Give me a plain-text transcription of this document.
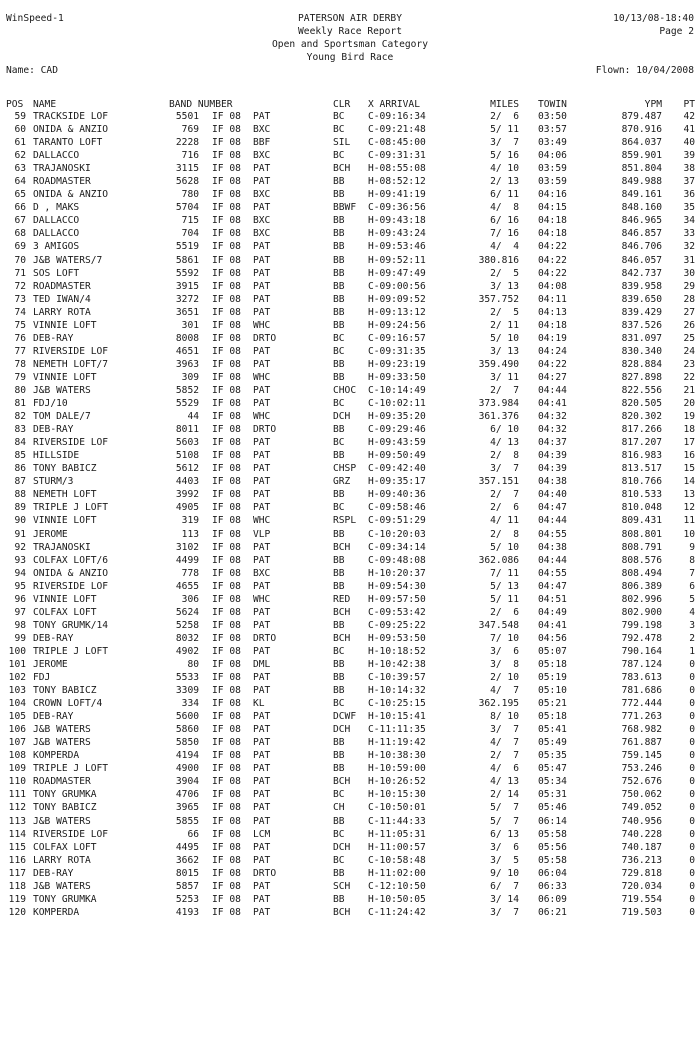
WinSpeed-1	PATERSON AIR DERBY
Weekly Race Report
Open and Sportsman Category
Young Bird Race
10/13/08-18:40
Page 2
Name: CAD	Flown: 10/04/2008
POS NAME	BAND NUMBER	CLR X ARRIVAL	MILES TOWIN	YPM	PT
59 TRACKSIDE LOF	5501 IF 08 PAT	BC C-09:16:34	2/  6 03:50	879.487	42
60 ONIDA & ANZIO	769 IF 08 BXC	BC C-09:21:48	5/ 11 03:57	870.916	41
61 TARANTO LOFT	2228 IF 08 BBF	SIL C-08:45:00	3/  7 03:49	864.037	40
62 DALLACCO	716 IF 08 BXC	BC C-09:31:31	5/ 16 04:06	859.901	39
63 TRAJANOSKI	3115 IF 08 PAT	BCH H-08:55:08	4/ 10 03:59	851.804	38
64 ROADMASTER	5628 IF 08 PAT	BB H-08:52:12	2/ 13 03:59	849.988	37
65 ONIDA & ANZIO	780 IF 08 BXC	BB H-09:41:19	6/ 11 04:16	849.161	36
66 D , MAKS	5704 IF 08 PAT	BBWF C-09:36:56	4/  8 04:15	848.160	35
67 DALLACCO	715 IF 08 BXC	BB H-09:43:18	6/ 16 04:18	846.965	34
68 DALLACCO	704 IF 08 BXC	BB H-09:43:24	7/ 16 04:18	846.857	33
69 3 AMIGOS	5519 IF 08 PAT	BB H-09:53:46	4/  4 04:22	846.706	32
70 J&B WATERS/7	5861 IF 08 PAT	BB H-09:52:11	380.816 04:22	846.057	31
71 SOS LOFT	5592 IF 08 PAT	BB H-09:47:49	2/  5 04:22	842.737	30
72 ROADMASTER	3915 IF 08 PAT	BB C-09:00:56	3/ 13 04:08	839.958	29
73 TED IWAN/4	3272 IF 08 PAT	BB H-09:09:52	357.752 04:11	839.650	28
74 LARRY ROTA	3651 IF 08 PAT	BB H-09:13:12	2/  5 04:13	839.429	27
75 VINNIE LOFT	301 IF 08 WHC	BB H-09:24:56	2/ 11 04:18	837.526	26
76 DEB-RAY	8008 IF 08 DRTO	BC C-09:16:57	5/ 10 04:19	831.097	25
77 RIVERSIDE LOF	4651 IF 08 PAT	BC C-09:31:35	3/ 13 04:24	830.340	24
78 NEMETH LOFT/7	3963 IF 08 PAT	BB H-09:23:19	359.490 04:22	828.884	23
79 VINNIE LOFT	309 IF 08 WHC	BB H-09:33:50	3/ 11 04:27	827.898	22
80 J&B WATERS	5852 IF 08 PAT	CHOC C-10:14:49	2/  7 04:44	822.556	21
81 FDJ/10	5529 IF 08 PAT	BC C-10:02:11	373.984 04:41	820.505	20
82 TOM DALE/7	44 IF 08 WHC	DCH H-09:35:20	361.376 04:32	820.302	19
83 DEB-RAY	8011 IF 08 DRTO	BB C-09:29:46	6/ 10 04:32	817.266	18
84 RIVERSIDE LOF	5603 IF 08 PAT	BC H-09:43:59	4/ 13 04:37	817.207	17
85 HILLSIDE	5108 IF 08 PAT	BB H-09:50:49	2/  8 04:39	816.983	16
86 TONY BABICZ	5612 IF 08 PAT	CHSP C-09:42:40	3/  7 04:39	813.517	15
87 STURM/3	4403 IF 08 PAT	GRZ H-09:35:17	357.151 04:38	810.766	14
88 NEMETH LOFT	3992 IF 08 PAT	BB H-09:40:36	2/  7 04:40	810.533	13
89 TRIPLE J LOFT	4905 IF 08 PAT	BC C-09:58:46	2/  6 04:47	810.048	12
90 VINNIE LOFT	319 IF 08 WHC	RSPL C-09:51:29	4/ 11 04:44	809.431	11
91 JEROME	113 IF 08 VLP	BB C-10:20:03	2/  8 04:55	808.801	10
92 TRAJANOSKI	3102 IF 08 PAT	BCH C-09:34:14	5/ 10 04:38	808.791	9
93 COLFAX LOFT/6	4499 IF 08 PAT	BB C-09:48:08	362.086 04:44	808.576	8
94 ONIDA & ANZIO	778 IF 08 BXC	BB H-10:20:37	7/ 11 04:55	808.494	7
95 RIVERSIDE LOF	4655 IF 08 PAT	BB H-09:54:30	5/ 13 04:47	806.389	6
96 VINNIE LOFT	306 IF 08 WHC	RED H-09:57:50	5/ 11 04:51	802.996	5
97 COLFAX LOFT	5624 IF 08 PAT	BCH C-09:53:42	2/  6 04:49	802.900	4
98 TONY GRUMK/14	5258 IF 08 PAT	BB C-09:25:22	347.548 04:41	799.198	3
99 DEB-RAY	8032 IF 08 DRTO	BCH H-09:53:50	7/ 10 04:56	792.478	2
100 TRIPLE J LOFT	4902 IF 08 PAT	BC H-10:18:52	3/  6 05:07	790.164	1
101 JEROME	80 IF 08 DML	BB H-10:42:38	3/  8 05:18	787.124	0
102 FDJ	5533 IF 08 PAT	BB C-10:39:57	2/ 10 05:19	783.613	0
103 TONY BABICZ	3309 IF 08 PAT	BB H-10:14:32	4/  7 05:10	781.686	0
104 CROWN LOFT/4	334 IF 08 KL	BC C-10:25:15	362.195 05:21	772.444	0
105 DEB-RAY	5600 IF 08 PAT	DCWF H-10:15:41	8/ 10 05:18	771.263	0
106 J&B WATERS	5860 IF 08 PAT	DCH C-11:11:35	3/  7 05:41	768.982	0
107 J&B WATERS	5850 IF 08 PAT	BB H-11:19:42	4/  7 05:49	761.887	0
108 KOMPERDA	4194 IF 08 PAT	BB H-10:38:30	2/  7 05:35	759.145	0
109 TRIPLE J LOFT	4900 IF 08 PAT	BB H-10:59:00	4/  6 05:47	753.246	0
110 ROADMASTER	3904 IF 08 PAT	BCH H-10:26:52	4/ 13 05:34	752.676	0
111 TONY GRUMKA	4706 IF 08 PAT	BC H-10:15:30	2/ 14 05:31	750.062	0
112 TONY BABICZ	3965 IF 08 PAT	CH C-10:50:01	5/  7 05:46	749.052	0
113 J&B WATERS	5855 IF 08 PAT	BB C-11:44:33	5/  7 06:14	740.956	0
114 RIVERSIDE LOF	66 IF 08 LCM	BC H-11:05:31	6/ 13 05:58	740.228	0
115 COLFAX LOFT	4495 IF 08 PAT	DCH H-11:00:57	3/  6 05:56	740.187	0
116 LARRY ROTA	3662 IF 08 PAT	BC C-10:58:48	3/  5 05:58	736.213	0
117 DEB-RAY	8015 IF 08 DRTO	BB H-11:02:00	9/ 10 06:04	729.818	0
118 J&B WATERS	5857 IF 08 PAT	SCH C-12:10:50	6/  7 06:33	720.034	0
119 TONY GRUMKA	5253 IF 08 PAT	BB H-10:50:05	3/ 14 06:09	719.554	0
120 KOMPERDA	4193 IF 08 PAT	BCH C-11:24:42	3/  7 06:21	719.503	0
